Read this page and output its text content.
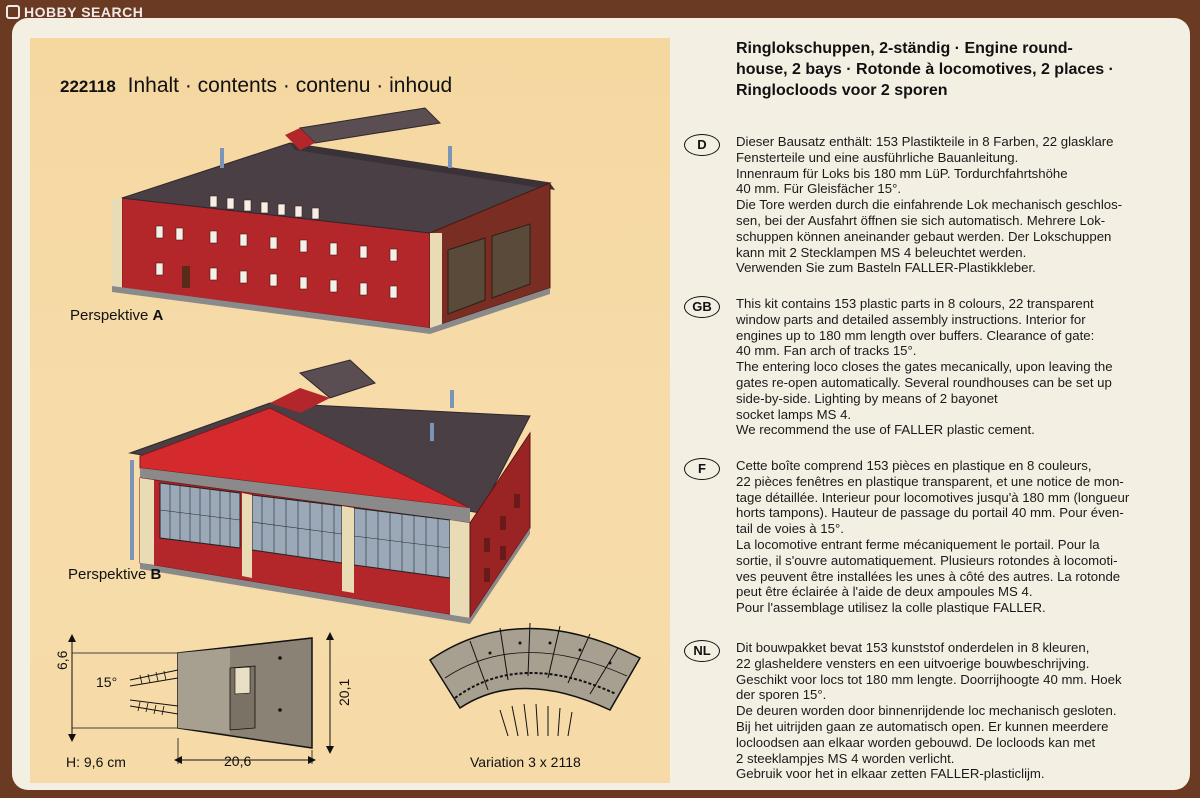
HOBBY SEARCH
222118 Inhalt · contents · contenu · inhoud
Perspektive A
Perspektive B
6,6
15°	20,1
20,6
H: 9,6 cm	Variation 3 x 2118
Ringlokschuppen, 2-ständig · Engine round-
house, 2 bays · Rotonde à locomotives, 2 places ·
Ringlocloods voor 2 sporen
D	Dieser Bausatz enthält: 153 Plastikteile in 8 Farben, 22 glasklare
Fensterteile und eine ausführliche Bauanleitung.
Innenraum für Loks bis 180 mm LüP. Tordurchfahrtshöhe
40 mm. Für Gleisfächer 15°.
Die Tore werden durch die einfahrende Lok mechanisch geschlos-
sen, bei der Ausfahrt öffnen sie sich automatisch. Mehrere Lok-
schuppen können aneinander gebaut werden. Der Lokschuppen
kann mit 2 Stecklampen MS 4 beleuchtet werden.
Verwenden Sie zum Basteln FALLER-Plastikkleber.
GB	This kit contains 153 plastic parts in 8 colours, 22 transparent
window parts and detailed assembly instructions. Interior for
engines up to 180 mm length over buffers. Clearance of gate:
40 mm. Fan arch of tracks 15°.
The entering loco closes the gates mecanically, upon leaving the
gates re-open automatically. Several roundhouses can be set up
side-by-side. Lighting by means of 2 bayonet
socket lamps MS 4.
We recommend the use of FALLER plastic cement.
F	Cette boîte comprend 153 pièces en plastique en 8 couleurs,
22 pièces fenêtres en plastique transparent, et une notice de mon-
tage détaillée. Interieur pour locomotives jusqu'à 180 mm (longueur
horts tampons). Hauteur de passage du portail 40 mm. Pour éven-
tail de voies à 15°.
La locomotive entrant ferme mécaniquement le portail. Pour la
sortie, il s'ouvre automatiquement. Plusieurs rotondes à locomoti-
ves peuvent être installées les unes à côté des autres. La rotonde
peut être éclairée à l'aide de deux ampoules MS 4.
Pour l'assemblage utilisez la colle plastique FALLER.
NL	Dit bouwpakket bevat 153 kunststof onderdelen in 8 kleuren,
22 glasheldere vensters en een uitvoerige bouwbeschrijving.
Geschikt voor locs tot 180 mm lengte. Doorrijhoogte 40 mm. Hoek
der sporen 15°.
De deuren worden door binnenrijdende loc mechanisch gesloten.
Bij het uitrijden gaan ze automatisch open. Er kunnen meerdere
locloodsen aan elkaar worden gebouwd. De locloods kan met
2 steeklampjes MS 4 worden verlicht.
Gebruik voor het in elkaar zetten FALLER-plasticlijm.
